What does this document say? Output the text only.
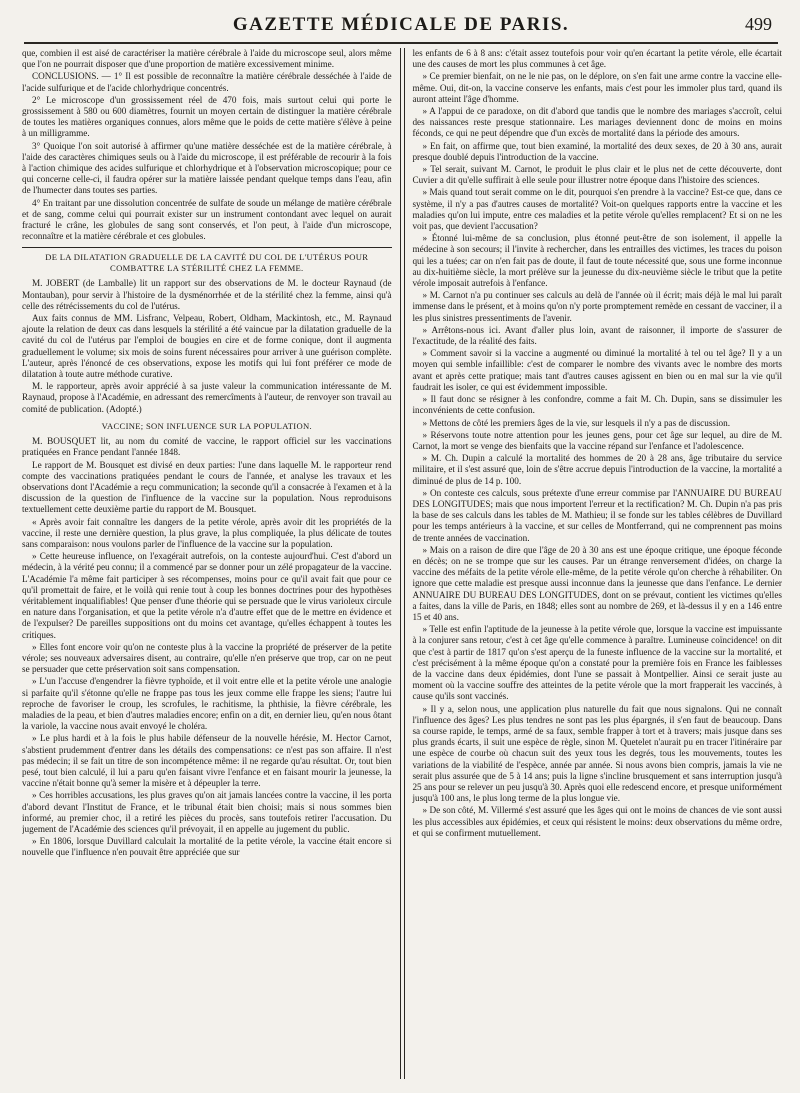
GAZETTE MÉDICALE DE PARIS.	499

que, combien il est aisé de caractériser la matière cérébrale à l'aide du microscope seul, alors même que l'on ne pourrait disposer que d'une proportion de matière excessivement minime.

CONCLUSIONS. — 1° Il est possible de reconnaître la matière cérébrale desséchée à l'aide de l'acide sulfurique et de l'acide chlorhydrique concentrés.

2° Le microscope d'un grossissement réel de 470 fois, mais surtout celui qui porte le grossissement à 580 ou 600 diamètres, fournit un moyen certain de distinguer la matière cérébrale de toutes les matières organiques connues, alors même que le poids de cette matière s'élève à peine à un milligramme.

3° Quoique l'on soit autorisé à affirmer qu'une matière desséchée est de la matière cérébrale, à l'aide des caractères chimiques seuls ou à l'aide du microscope, il est préférable de recourir à la fois à l'action chimique des acides sulfurique et chlorhydrique et à l'observation microscopique; pour ce qui concerne celle-ci, il faudra opérer sur la matière laissée pendant quelque temps dans l'eau, afin de l'humecter dans toutes ses parties.

4° En traitant par une dissolution concentrée de sulfate de soude un mélange de matière cérébrale et de sang, comme celui qui pourrait exister sur un instrument contondant avec lequel on aurait fracturé le crâne, les globules de sang sont conservés, et l'on peut, à l'aide d'un microscope, reconnaître et la matière cérébrale et ces globules.

DE LA DILATATION GRADUELLE DE LA CAVITÉ DU COL DE L'UTÉRUS POUR COMBATTRE LA STÉRILITÉ CHEZ LA FEMME.

M. JOBERT (de Lamballe) lit un rapport sur des observations de M. le docteur Raynaud (de Montauban), pour servir à l'histoire de la dysménorrhée et de la stérilité chez la femme, ainsi qu'à celle des rétrécissements du col de l'utérus.

Aux faits connus de MM. Lisfranc, Velpeau, Robert, Oldham, Mackintosh, etc., M. Raynaud ajoute la relation de deux cas dans lesquels la stérilité a été vaincue par la dilatation graduelle de la cavité du col de l'utérus par l'emploi de bougies en cire et de forme conique, dont il augmenta graduellement le volume; six mois de soins furent nécessaires pour arriver à une guérison complète. L'auteur, après l'énoncé de ces observations, expose les motifs qui lui font préférer ce mode de dilatation à toute autre méthode curative.

M. le rapporteur, après avoir apprécié à sa juste valeur la communication intéressante de M. Raynaud, propose à l'Académie, en adressant des remercîments à l'auteur, de renvoyer son travail au comité de publication. (Adopté.)

VACCINE; SON INFLUENCE SUR LA POPULATION.

M. BOUSQUET lit, au nom du comité de vaccine, le rapport officiel sur les vaccinations pratiquées en France pendant l'année 1848.

Le rapport de M. Bousquet est divisé en deux parties: l'une dans laquelle M. le rapporteur rend compte des vaccinations pratiquées pendant le cours de l'année, et analyse les travaux et les observations dont l'Académie a reçu communication; la seconde qu'il a consacrée à l'examen et à la discussion de la question de l'influence de la vaccine sur la population. Nous reproduisons textuellement cette deuxième partie du rapport de M. Bousquet.

« Après avoir fait connaître les dangers de la petite vérole, après avoir dit les propriétés de la vaccine, il reste une dernière question, la plus grave, la plus compliquée, la plus délicate de toutes sans comparaison: nous voulons parler de l'influence de la vaccine sur la population.

» Cette heureuse influence, on l'exagérait autrefois, on la conteste aujourd'hui. C'est d'abord un médecin, à la vérité peu connu; il a commencé par se donner pour un zélé propagateur de la vaccine. L'Académie l'a même fait participer à ses récompenses, moins pour ce qu'il avait fait que pour ce qu'il promettait de faire, et le voilà qui renie tout à coup les bonnes doctrines pour des hypothèses véritablement inqualifiables! Que penser d'une théorie qui se persuade que le virus varioleux circule en nature dans l'organisation, et que la petite vérole n'a d'autre effet que de le mettre en évidence et de l'expulser? De pareilles suppositions ont du moins cet avantage, qu'elles échappent à toutes les critiques.

» Elles font encore voir qu'on ne conteste plus à la vaccine la propriété de préserver de la petite vérole; ses nouveaux adversaires disent, au contraire, qu'elle n'en préserve que trop, car on ne peut se persuader que cette préservation soit sans compensation.

» L'un l'accuse d'engendrer la fièvre typhoïde, et il voit entre elle et la petite vérole une analogie si parfaite qu'il s'étonne qu'elle ne frappe pas tous les jeux comme elle frappe les siens; l'autre lui reproche de favoriser le croup, les scrofules, le rachitisme, la phthisie, la fièvre cérébrale, les maladies de la peau, et bien d'autres maladies encore; enfin on a dit, en dernier lieu, qu'en nous ôtant la variole, la vaccine nous avait envoyé le choléra.

» Le plus hardi et à la fois le plus habile défenseur de la nouvelle hérésie, M. Hector Carnot, s'abstient prudemment d'entrer dans les détails des compensations: ce n'est pas son affaire. Il n'est pas médecin; il se fait un titre de son incompétence même: il ne regarde qu'au résultat. Or, tout bien pesé, tout bien calculé, il lui a paru qu'en faisant vivre l'enfance et en faisant mourir la jeunesse, la vaccine n'était bonne qu'à semer la misère et à dépeupler la terre.

» Ces horribles accusations, les plus graves qu'on ait jamais lancées contre la vaccine, il les porta d'abord devant l'Institut de France, et le tribunal était bien choisi; mais si nous sommes bien informé, au premier choc, il a retiré les pièces du procès, sans toutefois retirer l'accusation. Du jugement de l'Académie des sciences qu'il prévoyait, il en appelle au jugement du public.

» En 1806, lorsque Duvillard calculait la mortalité de la petite vérole, la vaccine était encore si nouvelle que l'influence n'en pouvait être appréciée que sur

les enfants de 6 à 8 ans: c'était assez toutefois pour voir qu'en écartant la petite vérole, elle écartait une des causes de mort les plus communes à cet âge.

» Ce premier bienfait, on ne le nie pas, on le déplore, on s'en fait une arme contre la vaccine elle-même. Oui, dit-on, la vaccine conserve les enfants, mais c'est pour les immoler plus tard, quand ils auront atteint l'âge d'homme.

» A l'appui de ce paradoxe, on dit d'abord que tandis que le nombre des mariages s'accroît, celui des naissances reste presque stationnaire. Les mariages deviennent donc de moins en moins féconds, ce qui ne peut dépendre que d'un excès de mortalité dans la période des amours.

» En fait, on affirme que, tout bien examiné, la mortalité des deux sexes, de 20 à 30 ans, aurait presque doublé depuis l'introduction de la vaccine.

» Tel serait, suivant M. Carnot, le produit le plus clair et le plus net de cette découverte, dont Cuvier a dit qu'elle suffirait à elle seule pour illustrer notre époque dans l'histoire des sciences.

» Mais quand tout serait comme on le dit, pourquoi s'en prendre à la vaccine? Est-ce que, dans ce système, il n'y a pas d'autres causes de mortalité? Voit-on quelques rapports entre la vaccine et les maladies qu'on lui impute, entre ces maladies et la petite vérole qu'elles remplacent? Et si on ne les voit pas, que devient l'accusation?

» Étonné lui-même de sa conclusion, plus étonné peut-être de son isolement, il appelle la médecine à son secours; il l'invite à rechercher, dans les entrailles des victimes, les traces du poison qui les a tuées; car on n'en fait pas de doute, il faut de toute nécessité que, sous une forme inconnue au dix-huitième siècle, la mort prélève sur la jeunesse du dix-neuvième siècle le tribut que la petite vérole imposait autrefois à l'enfance.

» M. Carnot n'a pu continuer ses calculs au delà de l'année où il écrit; mais déjà le mal lui paraît immense dans le présent, et à moins qu'on n'y porte promptement remède en cessant de vacciner, il a les plus sinistres pressentiments de l'avenir.

» Arrêtons-nous ici. Avant d'aller plus loin, avant de raisonner, il importe de s'assurer de l'exactitude, de la réalité des faits.

» Comment savoir si la vaccine a augmenté ou diminué la mortalité à tel ou tel âge? Il y a un moyen qui semble infaillible: c'est de comparer le nombre des vivants avec le nombre des morts avant et après cette pratique; mais tant d'autres causes agissent en bien ou en mal sur la vie qu'il faudrait les isoler, ce qui est évidemment impossible.

» Il faut donc se résigner à les confondre, comme a fait M. Ch. Dupin, sans se dissimuler les inconvénients de cette confusion.

» Mettons de côté les premiers âges de la vie, sur lesquels il n'y a pas de discussion.

» Réservons toute notre attention pour les jeunes gens, pour cet âge sur lequel, au dire de M. Carnot, la mort se venge des bienfaits que la vaccine répand sur l'enfance et l'adolescence.

» M. Ch. Dupin a calculé la mortalité des hommes de 20 à 28 ans, âge tributaire du service militaire, et il s'est assuré que, loin de s'être accrue depuis l'introduction de la vaccine, la mortalité a diminué de plus de 14 p. 100.

» On conteste ces calculs, sous prétexte d'une erreur commise par l'ANNUAIRE DU BUREAU DES LONGITUDES; mais que nous importent l'erreur et la rectification? M. Ch. Dupin n'a pas pris la base de ses calculs dans les tables de M. Mathieu; il se fonde sur les tables célèbres de Duvillard pour les temps antérieurs à la vaccine, et sur celles de Montferrand, qui ne comprennent pas moins de trente années de vaccination.

» Mais on a raison de dire que l'âge de 20 à 30 ans est une époque critique, une époque féconde en décès; on ne se trompe que sur les causes. Par un étrange renversement d'idées, on charge la vaccine des méfaits de la petite vérole elle-même, de la petite vérole qu'on cherche à réhabiliter. On ignore que cette maladie est presque aussi inconnue dans la jeunesse que dans l'enfance. Le dernier ANNUAIRE DU BUREAU DES LONGITUDES, dont on se prévaut, contient les victimes qu'elles a faites, dans la ville de Paris, en 1848; elles sont au nombre de 269, et là-dessus il y en a 146 entre 15 et 40 ans.

» Telle est enfin l'aptitude de la jeunesse à la petite vérole que, lorsque la vaccine est impuissante à la conjurer sans retour, c'est à cet âge qu'elle commence à paraître. Lumineuse coïncidence! on dit que c'est à partir de 1817 qu'on s'est aperçu de la funeste influence de la vaccine sur la mortalité, et c'est précisément à la même époque qu'on a constaté pour la première fois en France les faiblesses de la vaccine dans deux épidémies, dont l'une se passait à Montpellier. Ainsi ce serait juste au moment où la vaccine souffre des atteintes de la petite vérole que la mort frapperait les vaccinés, à cause qu'ils sont vaccinés.

» Il y a, selon nous, une application plus naturelle du fait que nous signalons. Qui ne connaît l'influence des âges? Les plus tendres ne sont pas les plus épargnés, il s'en faut de beaucoup. Dans sa course rapide, le temps, armé de sa faux, semble frapper à tort et à travers; mais jusque dans ses plus grands écarts, il suit une espèce de règle, sinon M. Quetelet n'aurait pu en tracer l'itinéraire par une espèce de courbe où chacun suit des yeux tous les degrés, tous les mouvements, toutes les variations de la viabilité de l'espèce, année par année. Si nous avons bien compris, jamais la vie ne serait plus assurée que de 5 à 14 ans; puis la ligne s'incline brusquement et sans interruption jusqu'à 25 ans pour se relever un peu jusqu'à 30. Après quoi elle redescend encore, et presque uniformément jusqu'à 100 ans, le plus long terme de la plus longue vie.

» De son côté, M. Villermé s'est assuré que les âges qui ont le moins de chances de vie sont aussi les plus accessibles aux épidémies, et ceux qui résistent le moins: deux observations du même ordre, et qui se confirment mutuellement.
